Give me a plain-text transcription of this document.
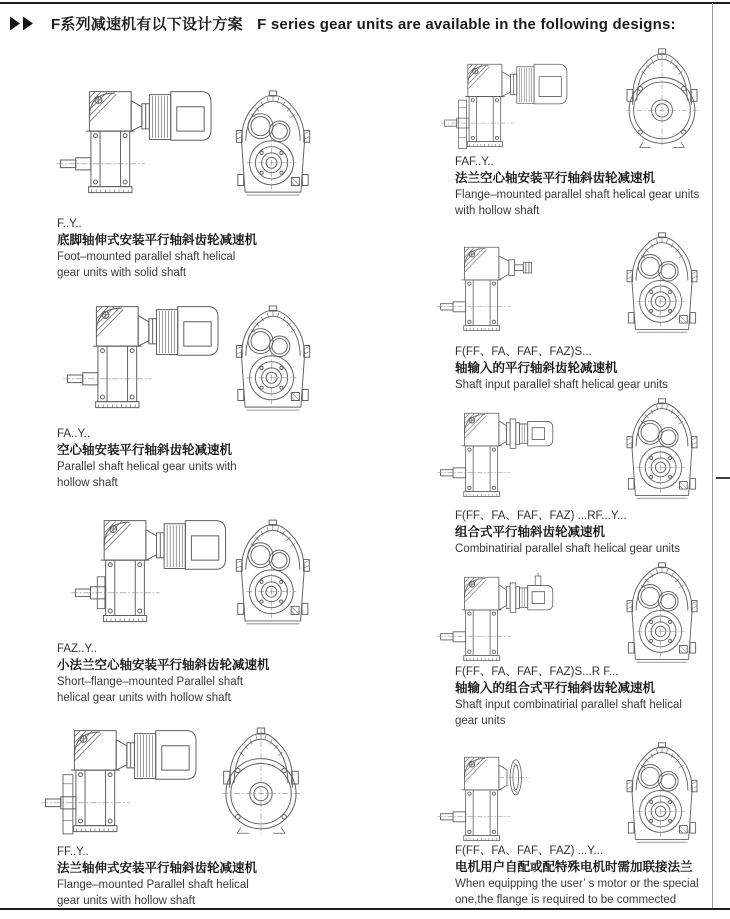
F系列减速机有以下设计方案 F series gear units are available in the following designs:
F..Y..
底脚轴伸式安装平行轴斜齿轮减速机
Foot–mounted parallel shaft helical
gear units with solid shaft
FA..Y..
空心轴安装平行轴斜齿轮减速机
Parallel shaft helical gear units with
hollow shaft
FAZ..Y..
小法兰空心轴安装平行轴斜齿轮减速机
Short–flange–mounted Parallel shaft
helical gear units with hollow shaft
FF..Y..
法兰轴伸式安装平行轴斜齿轮减速机
Flange–mounted Parallel shaft helical
gear units with hollow shaft
FAF..Y..
法兰空心轴安装平行轴斜齿轮减速机
Flange–mounted parallel shaft helical gear units
with hollow shaft
F(FF、FA、FAF、FAZ)S...
轴输入的平行轴斜齿轮减速机
Shaft input parallel shaft helical gear units
F(FF、FA、FAF、FAZ) ...RF...Y...
组合式平行轴斜齿轮减速机
Combinatirial parallel shaft helical gear units
F(FF、FA、FAF、FAZ)S...R F...
轴输入的组合式平行轴斜齿轮减速机
Shaft input combinatirial parallel shaft helical
gear units
F(FF、FA、FAF、FAZ) ...Y...
电机用户自配或配特殊电机时需加联接法兰
When equipping the user’ s motor or the special
one,the flange is required to be commected
